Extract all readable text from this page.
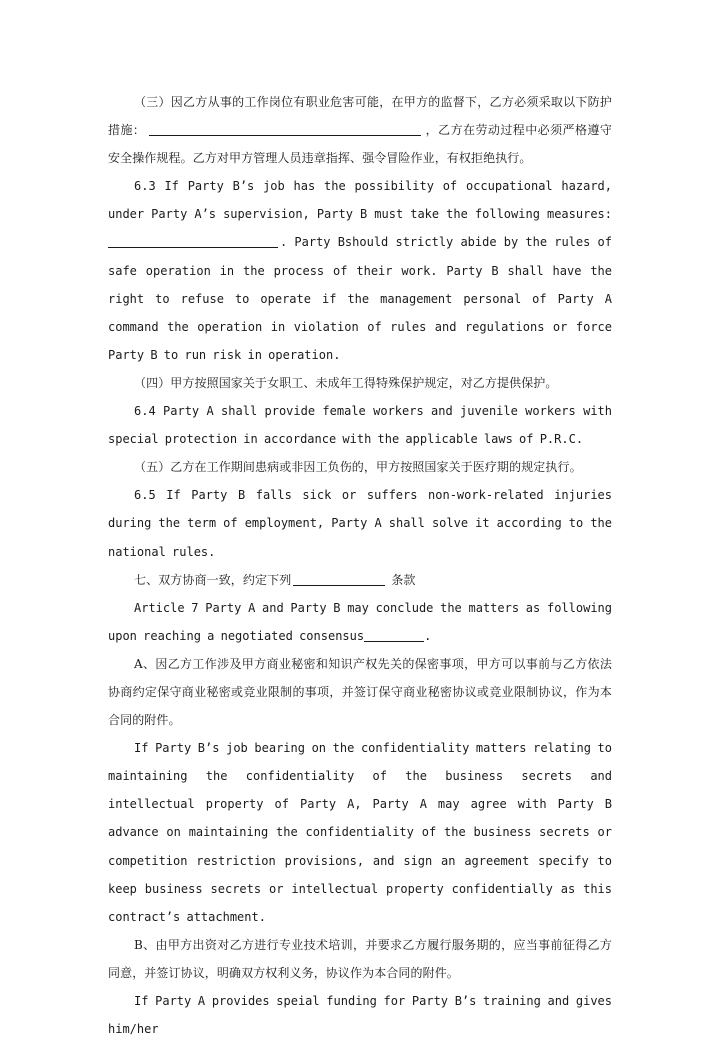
（三）因乙方从事的工作岗位有职业危害可能，在甲方的监督下，乙方必须采取以下防护措施：	，乙方在劳动过程中必须严格遵守安全操作规程。乙方对甲方管理人员违章指挥、强令冒险作业，有权拒绝执行。

6.3 If Party B’s job has the possibility of occupational hazard, under Party A’s supervision, Party B must take the following measures:. Party Bshould strictly abide by the rules of safe operation in the process of their work. Party B shall have the right to refuse to operate if the management personal of Party A command the operation in violation of rules and regulations or force Party B to run risk in operation.

（四）甲方按照国家关于女职工、未成年工得特殊保护规定，对乙方提供保护。

6.4 Party A shall provide female workers and juvenile workers with special protection in accordance with the applicable laws of P.R.C.

（五）乙方在工作期间患病或非因工负伤的，甲方按照国家关于医疗期的规定执行。

6.5 If Party B falls sick or suffers non-work-related injuries during the term of employment, Party A shall solve it according to the national rules.

七、双方协商一致，约定下列	条款

Article 7 Party A and Party B may conclude the matters as following upon reaching a negotiated consensus	.

A、因乙方工作涉及甲方商业秘密和知识产权先关的保密事项，甲方可以事前与乙方依法协商约定保守商业秘密或竞业限制的事项，并签订保守商业秘密协议或竞业限制协议，作为本合同的附件。

If Party B’s job bearing on the confidentiality matters relating to maintaining the confidentiality of the business secrets and intellectual property of Party A, Party A may agree with Party B advance on maintaining the confidentiality of the business secrets or competition restriction provisions, and sign an agreement specify to keep business secrets or intellectual property confidentially as this contract’s attachment.

B、由甲方出资对乙方进行专业技术培训，并要求乙方履行服务期的，应当事前征得乙方同意，并签订协议，明确双方权利义务，协议作为本合同的附件。

If Party A provides speial funding for Party B’s training and gives him/her
